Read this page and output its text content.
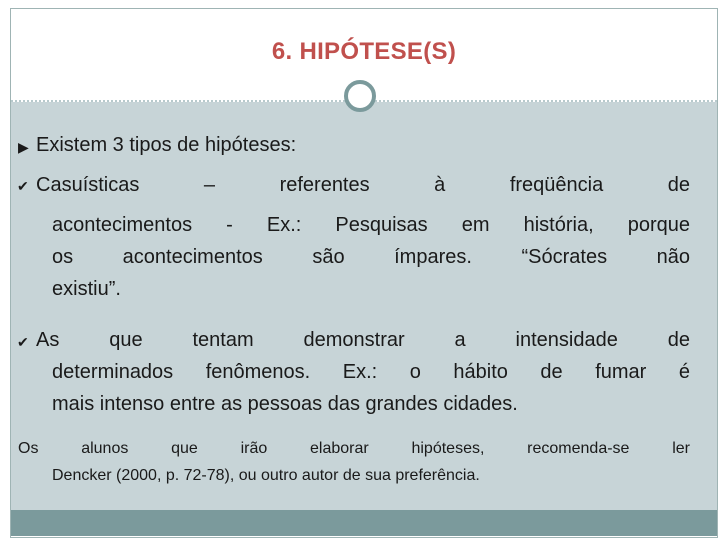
6. HIPÓTESE(S)
▶ Existem 3 tipos de hipóteses:
✔ Casuísticas – referentes à freqüência de
acontecimentos - Ex.: Pesquisas em história, porque
os acontecimentos são ímpares. “Sócrates não
existiu”.
✔ As que tentam demonstrar a intensidade de
determinados fenômenos. Ex.: o hábito de fumar é
mais intenso entre as pessoas das grandes cidades.
Os alunos que irão elaborar hipóteses, recomenda-se ler
Dencker (2000, p. 72-78), ou outro autor de sua preferência.
